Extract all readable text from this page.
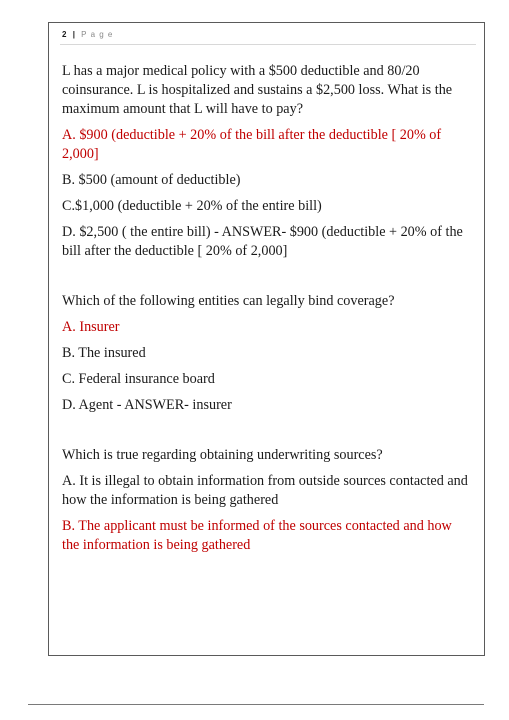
2 | P a g e

L has a major medical policy with a $500 deductible and 80/20 coinsurance. L is hospitalized and sustains a $2,500 loss. What is the maximum amount that L will have to pay?

A. $900 (deductible + 20% of the bill after the deductible [ 20% of 2,000]

B. $500 (amount of deductible)

C.$1,000 (deductible + 20% of the entire bill)

D. $2,500 ( the entire bill) - ANSWER- $900 (deductible + 20% of the bill after the deductible [ 20% of 2,000]

Which of the following entities can legally bind coverage?

A. Insurer

B. The insured

C. Federal insurance board

D. Agent - ANSWER- insurer

Which is true regarding obtaining underwriting sources?

A. It is illegal to obtain information from outside sources contacted and how the information is being gathered

B. The applicant must be informed of the sources contacted and how the information is being gathered
